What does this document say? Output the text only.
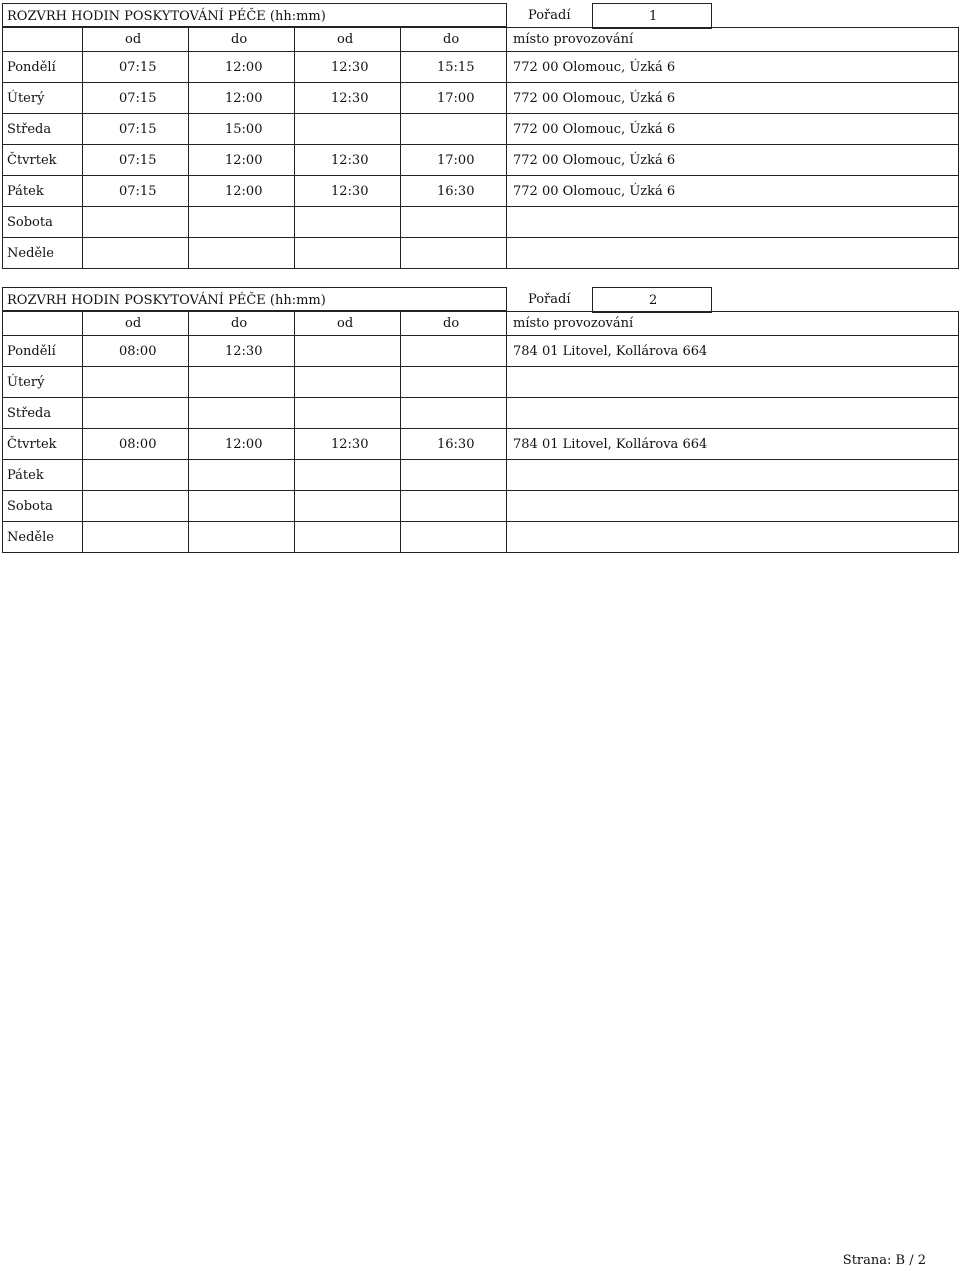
ROZVRH HODIN POSKYTOVÁNÍ PÉČE (hh:mm)	Pořadí	1
	od	do	od	do	místo provozování
Pondělí	07:15	12:00	12:30	15:15	772 00 Olomouc, Úzká 6
Úterý	07:15	12:00	12:30	17:00	772 00 Olomouc, Úzká 6
Středa	07:15	15:00			772 00 Olomouc, Úzká 6
Čtvrtek	07:15	12:00	12:30	17:00	772 00 Olomouc, Úzká 6
Pátek	07:15	12:00	12:30	16:30	772 00 Olomouc, Úzká 6
Sobota					
Neděle					
ROZVRH HODIN POSKYTOVÁNÍ PÉČE (hh:mm)	Pořadí	2
	od	do	od	do	místo provozování
Pondělí	08:00	12:30			784 01 Litovel, Kollárova 664
Úterý					
Středa					
Čtvrtek	08:00	12:00	12:30	16:30	784 01 Litovel, Kollárova 664
Pátek					
Sobota					
Neděle					
Strana: B / 2
